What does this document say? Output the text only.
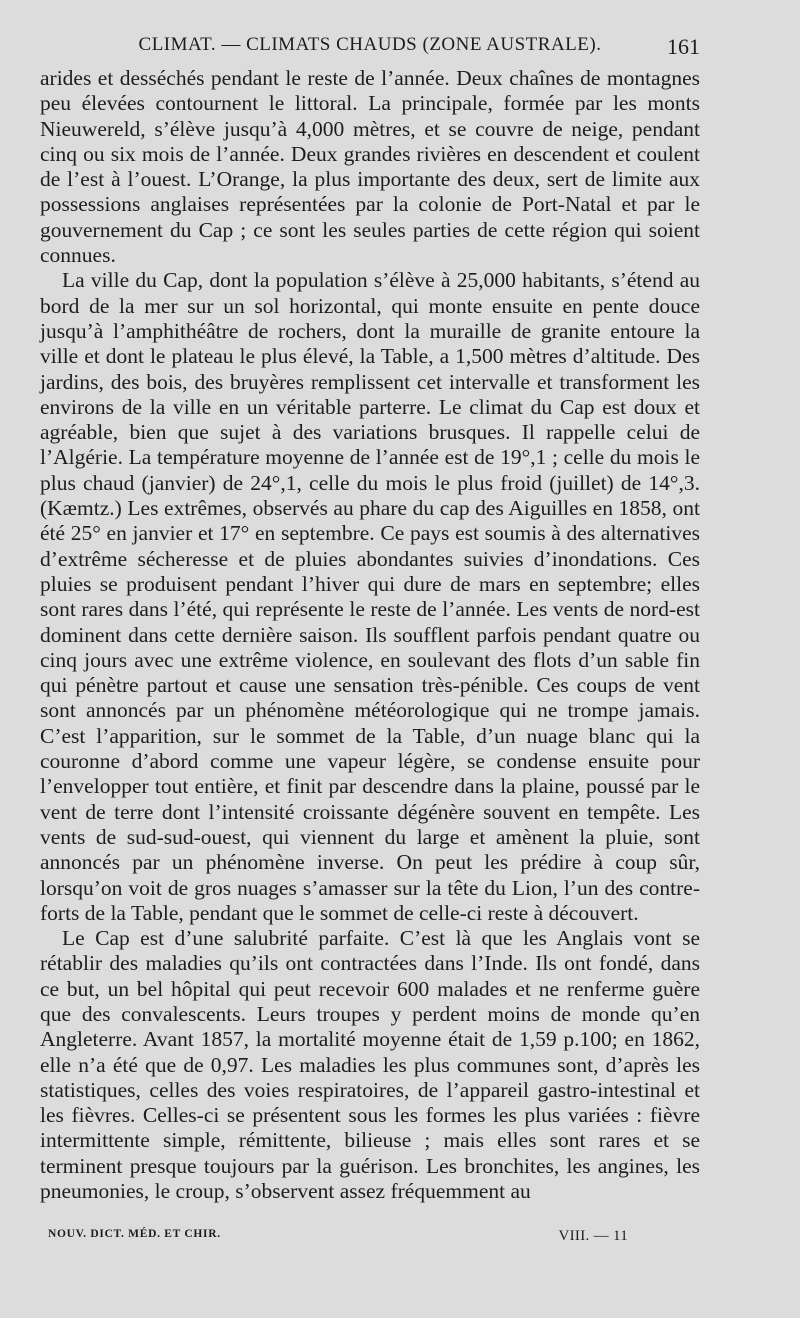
CLIMAT. — CLIMATS CHAUDS (ZONE AUSTRALE).	161

arides et desséchés pendant le reste de l’année. Deux chaînes de montagnes peu élevées contournent le littoral. La principale, formée par les monts Nieuwereld, s’élève jusqu’à 4,000 mètres, et se couvre de neige, pendant cinq ou six mois de l’année. Deux grandes rivières en descendent et coulent de l’est à l’ouest. L’Orange, la plus importante des deux, sert de limite aux possessions anglaises représentées par la colonie de Port-Natal et par le gouvernement du Cap ; ce sont les seules parties de cette région qui soient connues.

La ville du Cap, dont la population s’élève à 25,000 habitants, s’étend au bord de la mer sur un sol horizontal, qui monte ensuite en pente douce jusqu’à l’amphithéâtre de rochers, dont la muraille de granite entoure la ville et dont le plateau le plus élevé, la Table, a 1,500 mètres d’altitude. Des jardins, des bois, des bruyères remplissent cet intervalle et transforment les environs de la ville en un véritable parterre. Le climat du Cap est doux et agréable, bien que sujet à des variations brusques. Il rappelle celui de l’Algérie. La température moyenne de l’année est de 19°,1 ; celle du mois le plus chaud (janvier) de 24°,1, celle du mois le plus froid (juillet) de 14°,3. (Kæmtz.) Les extrêmes, observés au phare du cap des Aiguilles en 1858, ont été 25° en janvier et 17° en septembre. Ce pays est soumis à des alternatives d’extrême sécheresse et de pluies abondantes suivies d’inondations. Ces pluies se produisent pendant l’hiver qui dure de mars en septembre; elles sont rares dans l’été, qui représente le reste de l’année. Les vents de nord-est dominent dans cette dernière saison. Ils soufflent parfois pendant quatre ou cinq jours avec une extrême violence, en soulevant des flots d’un sable fin qui pénètre partout et cause une sensation très-pénible. Ces coups de vent sont annoncés par un phénomène météorologique qui ne trompe jamais. C’est l’apparition, sur le sommet de la Table, d’un nuage blanc qui la couronne d’abord comme une vapeur légère, se condense ensuite pour l’envelopper tout entière, et finit par descendre dans la plaine, poussé par le vent de terre dont l’intensité croissante dégénère souvent en tempête. Les vents de sud-sud-ouest, qui viennent du large et amènent la pluie, sont annoncés par un phénomène inverse. On peut les prédire à coup sûr, lorsqu’on voit de gros nuages s’amasser sur la tête du Lion, l’un des contre-forts de la Table, pendant que le sommet de celle-ci reste à découvert.

Le Cap est d’une salubrité parfaite. C’est là que les Anglais vont se rétablir des maladies qu’ils ont contractées dans l’Inde. Ils ont fondé, dans ce but, un bel hôpital qui peut recevoir 600 malades et ne renferme guère que des convalescents. Leurs troupes y perdent moins de monde qu’en Angleterre. Avant 1857, la mortalité moyenne était de 1,59 p.100; en 1862, elle n’a été que de 0,97. Les maladies les plus communes sont, d’après les statistiques, celles des voies respiratoires, de l’appareil gastro-intestinal et les fièvres. Celles-ci se présentent sous les formes les plus variées : fièvre intermittente simple, rémittente, bilieuse ; mais elles sont rares et se terminent presque toujours par la guérison. Les bronchites, les angines, les pneumonies, le croup, s’observent assez fréquemment au

NOUV. DICT. MÉD. ET CHIR.	VIII. — 11
